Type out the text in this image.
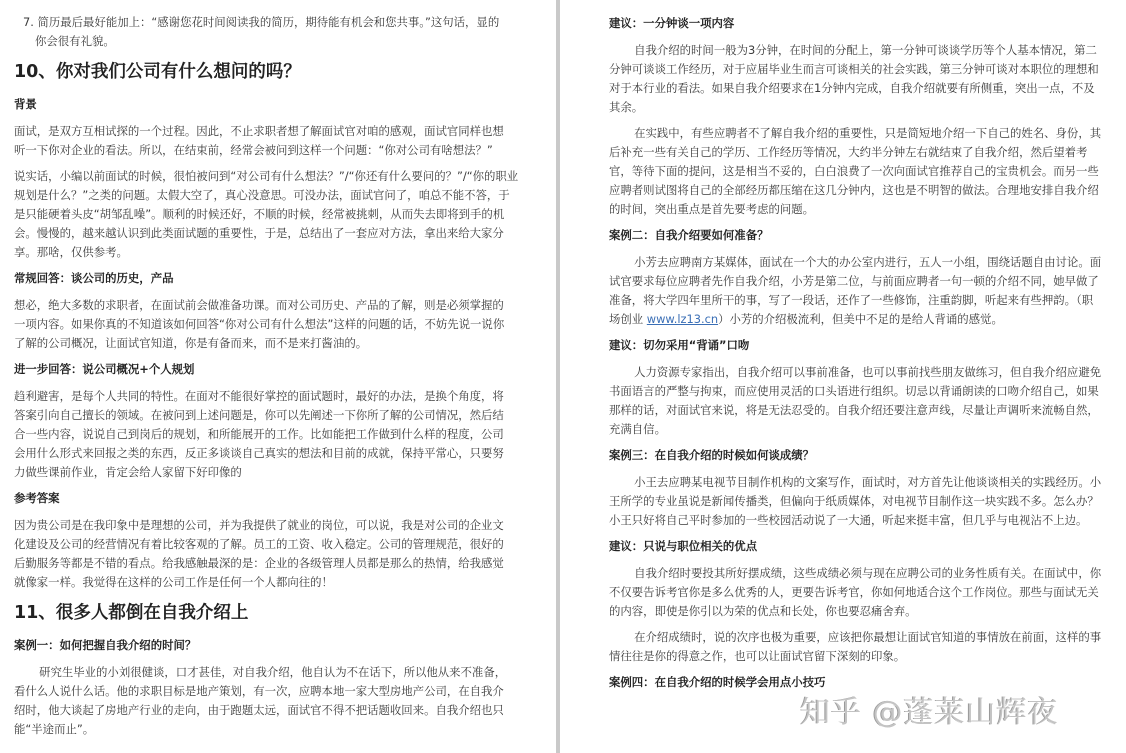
7. 简历最后最好能加上：“感谢您花时间阅读我的简历，期待能有机会和您共事。”这句话，显的
你会很有礼貌。
10、你对我们公司有什么想问的吗？
背景
面试，是双方互相试探的一个过程。因此，不止求职者想了解面试官对咱的感观，面试官同样也想
听一下你对企业的看法。所以，在结束前，经常会被问到这样一个问题：“你对公司有啥想法？”
说实话，小编以前面试的时候，很怕被问到“对公司有什么想法？”/“你还有什么要问的？”/“你的职业
规划是什么？”之类的问题。太假大空了，真心没意思。可没办法，面试官问了，咱总不能不答，于
是只能硬着头皮“胡邹乱噪”。顺利的时候还好，不顺的时候，经常被挑刺，从而失去即将到手的机
会。慢慢的，越来越认识到此类面试题的重要性，于是，总结出了一套应对方法，拿出来给大家分
享。那啥，仅供参考。
常规回答：谈公司的历史，产品
想必，绝大多数的求职者，在面试前会做准备功课。而对公司历史、产品的了解，则是必须掌握的
一项内容。如果你真的不知道该如何回答“你对公司有什么想法”这样的问题的话，不妨先说一说你
了解的公司概况，让面试官知道，你是有备而来，而不是来打酱油的。
进一步回答：说公司概况+个人规划
趋利避害，是每个人共同的特性。在面对不能很好掌控的面试题时，最好的办法，是换个角度，将
答案引向自己擅长的领域。在被问到上述问题是，你可以先阐述一下你所了解的公司情况，然后结
合一些内容，说说自己到岗后的规划，和所能展开的工作。比如能把工作做到什么样的程度，公司
会用什么形式来回报之类的东西，反正多谈谈自己真实的想法和目前的成就，保持平常心，只要努
力做些课前作业，肯定会给人家留下好印像的
参考答案
因为贵公司是在我印象中是理想的公司，并为我提供了就业的岗位，可以说，我是对公司的企业文
化建设及公司的经营情况有着比较客观的了解。员工的工资、收入稳定。公司的管理规范，很好的
后勤服务等都是不错的看点。给我感触最深的是：企业的各级管理人员都是那么的热情，给我感觉
就像家一样。我觉得在这样的公司工作是任何一个人都向往的！
11、很多人都倒在自我介绍上
案例一：如何把握自我介绍的时间？
研究生毕业的小刘很健谈，口才甚佳，对自我介绍，他自认为不在话下，所以他从来不准备，
看什么人说什么话。他的求职目标是地产策划，有一次，应聘本地一家大型房地产公司，在自我介
绍时，他大谈起了房地产行业的走向，由于跑题太远，面试官不得不把话题收回来。自我介绍也只
能“半途而止”。
建议：一分钟谈一项内容
自我介绍的时间一般为3分钟，在时间的分配上，第一分钟可谈谈学历等个人基本情况，第二
分钟可谈谈工作经历，对于应届毕业生而言可谈相关的社会实践，第三分钟可谈对本职位的理想和
对于本行业的看法。如果自我介绍要求在1分钟内完成，自我介绍就要有所侧重，突出一点，不及
其余。
在实践中，有些应聘者不了解自我介绍的重要性，只是简短地介绍一下自己的姓名、身份，其
后补充一些有关自己的学历、工作经历等情况，大约半分钟左右就结束了自我介绍，然后望着考
官，等待下面的提问，这是相当不妥的，白白浪费了一次向面试官推荐自己的宝贵机会。而另一些
应聘者则试图将自己的全部经历都压缩在这几分钟内，这也是不明智的做法。合理地安排自我介绍
的时间，突出重点是首先要考虑的问题。
案例二：自我介绍要如何准备？
小芳去应聘南方某媒体，面试在一个大的办公室内进行，五人一小组，围绕话题自由讨论。面
试官要求每位应聘者先作自我介绍，小芳是第二位，与前面应聘者一句一顿的介绍不同，她早做了
准备，将大学四年里所干的事，写了一段话，还作了一些修饰，注重韵脚，听起来有些押韵。（职
场创业 www.lz13.cn）小芳的介绍极流利，但美中不足的是给人背诵的感觉。
建议：切勿采用“背诵”口吻
人力资源专家指出，自我介绍可以事前准备，也可以事前找些朋友做练习，但自我介绍应避免
书面语言的严整与拘束，而应使用灵活的口头语进行组织。切忌以背诵朗读的口吻介绍自己，如果
那样的话，对面试官来说，将是无法忍受的。自我介绍还要注意声线，尽量让声调听来流畅自然，
充满自信。
案例三：在自我介绍的时候如何谈成绩？
小王去应聘某电视节目制作机构的文案写作，面试时，对方首先让他谈谈相关的实践经历。小
王所学的专业虽说是新闻传播类，但偏向于纸质媒体，对电视节目制作这一块实践不多。怎么办？
小王只好将自己平时参加的一些校园活动说了一大通，听起来挺丰富，但几乎与电视沾不上边。
建议：只说与职位相关的优点
自我介绍时要投其所好摆成绩，这些成绩必须与现在应聘公司的业务性质有关。在面试中，你
不仅要告诉考官你是多么优秀的人，更要告诉考官，你如何地适合这个工作岗位。那些与面试无关
的内容，即使是你引以为荣的优点和长处，你也要忍痛舍弃。
在介绍成绩时，说的次序也极为重要，应该把你最想让面试官知道的事情放在前面，这样的事
情往往是你的得意之作，也可以让面试官留下深刻的印象。
案例四：在自我介绍的时候学会用点小技巧
知乎 @蓬莱山辉夜
